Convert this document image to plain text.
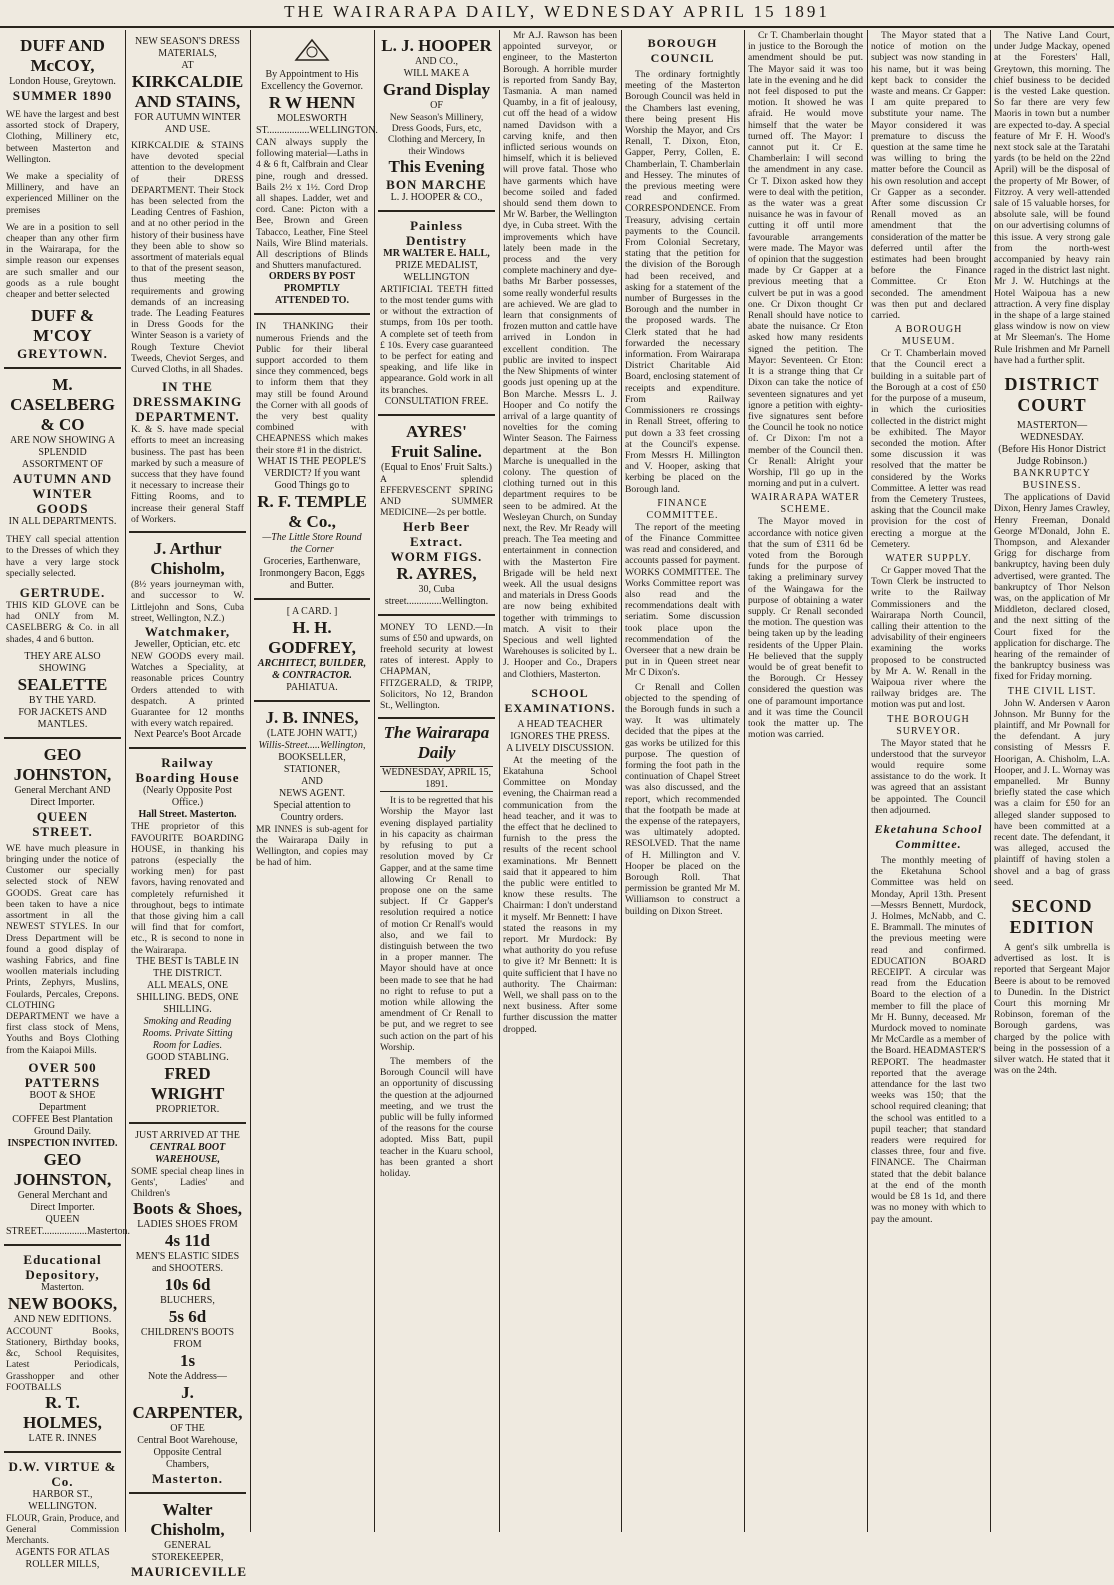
THE WAIRARAPA DAILY, WEDNESDAY APRIL 15 1891
DUFF AND McCOY,
London House, Greytown.
SUMMER 1890
WE have the largest and best assorted stock of Drapery, Clothing, Millinery etc, between Masterton and Wellington.
We make a speciality of Millinery, and have an experienced Milliner on the premises
We are in a position to sell cheaper than any other firm in the Wairarapa, for the simple reason our expenses are such smaller and our goods as a rule bought cheaper and better selected
DUFF & M'COY
GREYTOWN.
M. CASELBERG & CO
ARE NOW SHOWING A SPLENDID ASSORTMENT OF
AUTUMN AND WINTER GOODS
IN ALL DEPARTMENTS.
THEY call special attention to the Dresses of which they have a very large stock specially selected.
GERTRUDE.
THIS KID GLOVE can be had ONLY from M. CASELBERG & Co. in all shades, 4 and 6 button.
THEY ARE ALSO SHOWING
SEALETTE
BY THE YARD.
FOR JACKETS AND MANTLES.
GEO JOHNSTON,
General Merchant AND Direct Importer.
QUEEN STREET.
WE have much pleasure in bringing under the notice of Customer our specially selected stock of NEW GOODS. Great care has been taken to have a nice assortment in all the NEWEST STYLES. In our Dress Department will be found a good display of washing Fabrics, and fine woollen materials including Prints, Zephyrs, Muslins, Foulards, Percales, Crepons. CLOTHING DEPARTMENT we have a first class stock of Mens, Youths and Boys Clothing from the Kaiapoi Mills.
OVER 500 PATTERNS
BOOT & SHOE Department
COFFEE Best Plantation Ground Daily.
INSPECTION INVITED.
GEO JOHNSTON,
General Merchant and Direct Importer.
QUEEN STREET..................Masterton.
Educational Depository,
Masterton.
NEW BOOKS,
AND NEW EDITIONS.
ACCOUNT Books, Stationery, Birthday books, &c, School Requisites, Latest Periodicals, Grasshopper and other FOOTBALLS
R. T. HOLMES,
LATE R. INNES
D.W. VIRTUE & Co.
HARBOR ST., WELLINGTON.
FLOUR, Grain, Produce, and General Commission Merchants.
AGENTS FOR ATLAS ROLLER MILLS,
NEW SEASON'S DRESS MATERIALS,
AT
KIRKCALDIE AND STAINS,
FOR AUTUMN WINTER AND USE.
KIRKCALDIE & STAINS have devoted special attention to the development of their DRESS DEPARTMENT. Their Stock has been selected from the Leading Centres of Fashion, and at no other period in the history of their business have they been able to show so assortment of materials equal to that of the present season, thus meeting the requirements and growing demands of an increasing trade. The Leading Features in Dress Goods for the Winter Season is a variety of Rough Texture Cheviot Tweeds, Cheviot Serges, and Curved Cloths, in all Shades.
IN THE DRESSMAKING DEPARTMENT.
K. & S. have made special efforts to meet an increasing business. The past has been marked by such a measure of success that they have found it necessary to increase their Fitting Rooms, and to increase their general Staff of Workers.
J. Arthur Chisholm,
(8½ years journeyman with, and successor to W. Littlejohn and Sons, Cuba street, Wellington, N.Z.)
Watchmaker,
Jeweller, Optician, etc. etc
NEW GOODS every mail. Watches a Speciality, at reasonable prices Country Orders attended to with despatch. A printed Guarantee for 12 months with every watch repaired.
Next Pearce's Boot Arcade
Railway Boarding House
(Nearly Opposite Post Office.)
Hall Street. Masterton.
THE proprietor of this FAVOURITE BOARDING HOUSE, in thanking his patrons (especially the working men) for past favors, having renovated and completely refurnished it throughout, begs to intimate that those giving him a call will find that for comfort, etc., R is second to none in the Wairarapa.
THE BEST Is TABLE IN THE DISTRICT.
ALL MEALS, ONE SHILLING. BEDS, ONE SHILLING.
Smoking and Reading Rooms. Private Sitting Room for Ladies.
GOOD STABLING.
FRED WRIGHT
PROPRIETOR.
JUST ARRIVED AT THE
CENTRAL BOOT WAREHOUSE,
SOME special cheap lines in Gents', Ladies' and Children's
Boots & Shoes,
LADIES SHOES FROM
4s 11d
MEN'S ELASTIC SIDES and SHOOTERS.
10s 6d
BLUCHERS,
5s 6d
CHILDREN'S BOOTS FROM
1s
Note the Address—
J. CARPENTER,
OF THE
Central Boot Warehouse,
Opposite Central Chambers,
Masterton.
Walter Chisholm,
GENERAL STOREKEEPER,
MAURICEVILLE
By Appointment to His Excellency the Governor.
R W HENN
MOLESWORTH ST.................WELLINGTON.
CAN always supply the following material—Laths in 4 & 6 ft, Calfbrain and Clear pine, rough and dressed. Bails 2½ x 1½. Cord Drop all shapes. Ladder, wet and cord. Cane: Picton with a Bee, Brown and Green Tabacco, Leather, Fine Steel Nails, Wire Blind materials. All descriptions of Blinds and Shutters manufactured.
ORDERS BY POST PROMPTLY ATTENDED TO.
IN THANKING their numerous Friends and the Public for their liberal support accorded to them since they commenced, begs to inform them that they may still be found Around the Corner with all goods of the very best quality combined with CHEAPNESS which makes their store #1 in the district.
WHAT IS THE PEOPLE'S VERDICT? If you want Good Things go to
R. F. TEMPLE & Co.,
—The Little Store Round the Corner
Groceries, Earthenware, Ironmongery Bacon, Eggs and Butter.
[ A CARD. ]
H. H. GODFREY,
ARCHITECT, BUILDER, & CONTRACTOR.
PAHIATUA.
J. B. INNES,
(LATE JOHN WATT,)
Willis-Street.....Wellington,
BOOKSELLER, STATIONER,
AND
NEWS AGENT.
Special attention to Country orders.
MR INNES is sub-agent for the Wairarapa Daily in Wellington, and copies may be had of him.
L. J. HOOPER
AND CO.,
WILL MAKE A
Grand Display
OF
New Season's Millinery, Dress Goods, Furs, etc, Clothing and Mercery, In their Windows
This Evening
BON MARCHE
L. J. HOOPER & CO.,
Painless Dentistry
MR WALTER E. HALL,
PRIZE MEDALIST,
WELLINGTON
ARTIFICIAL TEETH fitted to the most tender gums with or without the extraction of stumps, from 10s per tooth. A complete set of teeth from £ 10s. Every case guaranteed to be perfect for eating and speaking, and life like in appearance. Gold work in all its branches.
CONSULTATION FREE.
AYRES'
Fruit Saline.
(Equal to Enos' Fruit Salts.)
A splendid EFFERVESCENT SPRING AND SUMMER MEDICINE—2s per bottle.
Herb Beer Extract.
WORM FIGS.
R. AYRES,
30, Cuba street..............Wellington.
MONEY TO LEND.—In sums of £50 and upwards, on freehold security at lowest rates of interest. Apply to CHAPMAN, FITZGERALD, & TRIPP, Solicitors, No 12, Brandon St., Wellington.
The Wairarapa Daily
WEDNESDAY, APRIL 15, 1891.

It is to be regretted that his Worship the Mayor last evening displayed partiality in his capacity as chairman by refusing to put a resolution moved by Cr Gapper, and at the same time allowing Cr Renall to propose one on the same subject. If Cr Gapper's resolution required a notice of motion Cr Renall's would also, and we fail to distinguish between the two in a proper manner. The Mayor should have at once been made to see that he had no right to refuse to put a motion while allowing the amendment of Cr Renall to be put, and we regret to see such action on the part of his Worship.

The members of the Borough Council will have an opportunity of discussing the question at the adjourned meeting, and we trust the public will be fully informed of the reasons for the course adopted. Miss Batt, pupil teacher in the Kuaru school, has been granted a short holiday.

Mr A.J. Rawson has been appointed surveyor, or engineer, to the Masterton Borough. A horrible murder is reported from Sandy Bay, Tasmania. A man named Quamby, in a fit of jealousy, cut off the head of a widow named Davidson with a carving knife, and then inflicted serious wounds on himself, which it is believed will prove fatal. Those who have garments which have become soiled and faded should send them down to Mr W. Barber, the Wellington dye, in Cuba street. With the improvements which have lately been made in the process and the very complete machinery and dye-baths Mr Barber possesses, some really wonderful results are achieved. We are glad to learn that consignments of frozen mutton and cattle have arrived in London in excellent condition. The public are invited to inspect the New Shipments of winter goods just opening up at the Bon Marche. Messrs L. J. Hooper and Co notify the arrival of a large quantity of novelties for the coming Winter Season. The Fairness department at the Bon Marche is unequalled in the colony. The question of clothing turned out in this department requires to be seen to be admired. At the Wesleyan Church, on Sunday next, the Rev. Mr Ready will preach. The Tea meeting and entertainment in connection with the Masterton Fire Brigade will be held next week. All the usual designs and materials in Dress Goods are now being exhibited together with trimmings to match. A visit to their Specious and well lighted Warehouses is solicited by L. J. Hooper and Co., Drapers and Clothiers, Masterton.

SCHOOL EXAMINATIONS.
A HEAD TEACHER IGNORES THE PRESS.
A LIVELY DISCUSSION.

At the meeting of the Ekatahuna School Committee on Monday evening, the Chairman read a communication from the head teacher, and it was to the effect that he declined to furnish to the press the results of the recent school examinations. Mr Bennett said that it appeared to him the public were entitled to know these results. The Chairman: I don't understand it myself. Mr Bennett: I have stated the reasons in my report. Mr Murdock: By what authority do you refuse to give it? Mr Bennett: It is quite sufficient that I have no authority. The Chairman: Well, we shall pass on to the next business. After some further discussion the matter dropped.

BOROUGH COUNCIL

The ordinary fortnightly meeting of the Masterton Borough Council was held in the Chambers last evening, there being present His Worship the Mayor, and Crs Renall, T. Dixon, Eton, Gapper, Perry, Collen, E. Chamberlain, T. Chamberlain and Hessey. The minutes of the previous meeting were read and confirmed. CORRESPONDENCE. From Treasury, advising certain payments to the Council. From Colonial Secretary, stating that the petition for the division of the Borough had been received, and asking for a statement of the number of Burgesses in the Borough and the number in the proposed wards. The Clerk stated that he had forwarded the necessary information. From Wairarapa District Charitable Aid Board, enclosing statement of receipts and expenditure. From Railway Commissioners re crossings in Renall Street, offering to put down a 33 feet crossing at the Council's expense. From Messrs H. Millington and V. Hooper, asking that kerbing be placed on the Borough land.

FINANCE COMMITTEE.

The report of the meeting of the Finance Committee was read and considered, and accounts passed for payment. WORKS COMMITTEE. The Works Committee report was also read and the recommendations dealt with seriatim. Some discussion took place upon the recommendation of the Overseer that a new drain be put in in Queen street near Mr C Dixon's.

Cr Renall and Collen objected to the spending of the Borough funds in such a way. It was ultimately decided that the pipes at the gas works be utilized for this purpose. The question of forming the foot path in the continuation of Chapel Street was also discussed, and the report, which recommended that the footpath be made at the expense of the ratepayers, was ultimately adopted. RESOLVED. That the name of H. Millington and V. Hooper be placed on the Borough Roll. That permission be granted Mr M. Williamson to construct a building on Dixon Street.

Cr T. Chamberlain thought in justice to the Borough the amendment should be put. The Mayor said it was too late in the evening and he did not feel disposed to put the motion. It showed he was afraid. He would move himself that the water be turned off. The Mayor: I cannot put it. Cr E. Chamberlain: I will second the amendment in any case. Cr T. Dixon asked how they were to deal with the petition, as the water was a great nuisance he was in favour of cutting it off until more favourable arrangements were made. The Mayor was of opinion that the suggestion made by Cr Gapper at a previous meeting that a culvert be put in was a good one. Cr Dixon thought Cr Renall should have notice to abate the nuisance. Cr Eton asked how many residents signed the petition. The Mayor: Seventeen. Cr Eton: It is a strange thing that Cr Dixon can take the notice of seventeen signatures and yet ignore a petition with eighty-five signatures sent before the Council he took no notice of. Cr Dixon: I'm not a member of the Council then. Cr Renall: Alright your Worship, I'll go up in the morning and put in a culvert.

WAIRARAPA WATER SCHEME.

The Mayor moved in accordance with notice given that the sum of £311 6d be voted from the Borough funds for the purpose of taking a preliminary survey of the Waingawa for the purpose of obtaining a water supply. Cr Renall seconded the motion. The question was being taken up by the leading residents of the Upper Plain. He believed that the supply would be of great benefit to the Borough. Cr Hessey considered the question was one of paramount importance and it was time the Council took the matter up. The motion was carried.

The Mayor stated that a notice of motion on the subject was now standing in his name, but it was being kept back to consider the waste and means. Cr Gapper: I am quite prepared to substitute your name. The Mayor considered it was premature to discuss the question at the same time he was willing to bring the matter before the Council as his own resolution and accept Cr Gapper as a seconder. After some discussion Cr Renall moved as an amendment that the consideration of the matter be deferred until after the estimates had been brought before the Finance Committee. Cr Eton seconded. The amendment was then put and declared carried.

A BOROUGH MUSEUM.

Cr T. Chamberlain moved that the Council erect a building in a suitable part of the Borough at a cost of £50 for the purpose of a museum, in which the curiosities collected in the district might be exhibited. The Mayor seconded the motion. After some discussion it was resolved that the matter be considered by the Works Committee. A letter was read from the Cemetery Trustees, asking that the Council make provision for the cost of erecting a morgue at the Cemetery.

WATER SUPPLY.

Cr Gapper moved That the Town Clerk be instructed to write to the Railway Commissioners and the Wairarapa North Council, calling their attention to the advisability of their engineers examining the works proposed to be constructed by Mr A. W. Renall in the Waipoua river where the railway bridges are. The motion was put and lost.

THE BOROUGH SURVEYOR.

The Mayor stated that he understood that the surveyor would require some assistance to do the work. It was agreed that an assistant be appointed. The Council then adjourned.

Eketahuna School Committee.

The monthly meeting of the Eketahuna School Committee was held on Monday, April 13th. Present—Messrs Bennett, Murdock, J. Holmes, McNabb, and C. E. Brammall. The minutes of the previous meeting were read and confirmed. EDUCATION BOARD RECEIPT. A circular was read from the Education Board to the election of a member to fill the place of Mr H. Bunny, deceased. Mr Murdock moved to nominate Mr McCardle as a member of the Board. HEADMASTER'S REPORT. The headmaster reported that the average attendance for the last two weeks was 150; that the school required cleaning; that the school was entitled to a pupil teacher; that standard readers were required for classes three, four and five. FINANCE. The Chairman stated that the debit balance at the end of the month would be £8 1s 1d, and there was no money with which to pay the amount.

The Native Land Court, under Judge Mackay, opened at the Foresters' Hall, Greytown, this morning. The chief business to be decided is the vested Lake question. So far there are very few Maoris in town but a number are expected to-day. A special feature of Mr F. H. Wood's next stock sale at the Taratahi yards (to be held on the 22nd April) will be the disposal of the property of Mr Bower, of Fitzroy. A very well-attended sale of 15 valuable horses, for absolute sale, will be found on our advertising columns of this issue. A very strong gale from the north-west accompanied by heavy rain raged in the district last night. Mr J. W. Hutchings at the Hotel Waipoua has a new attraction. A very fine display in the shape of a large stained glass window is now on view at Mr Sleeman's. The Home Rule Irishmen and Mr Parnell have had a further split.

DISTRICT COURT
MASTERTON—WEDNESDAY.
(Before His Honor District Judge Robinson.)
BANKRUPTCY BUSINESS.

The applications of David Dixon, Henry James Crawley, Henry Freeman, Donald George M'Donald, John E. Thompson, and Alexander Grigg for discharge from bankruptcy, having been duly advertised, were granted. The bankruptcy of Thor Nelson was, on the application of Mr Middleton, declared closed, and the next sitting of the Court fixed for the application for discharge. The hearing of the remainder of the bankruptcy business was fixed for Friday morning.

THE CIVIL LIST.

John W. Andersen v Aaron Johnson. Mr Bunny for the plaintiff, and Mr Pownall for the defendant. A jury consisting of Messrs F. Hoorigan, A. Chisholm, L.A. Hooper, and J. L. Wornay was empanelled. Mr Bunny briefly stated the case which was a claim for £50 for an alleged slander supposed to have been committed at a recent date. The defendant, it was alleged, accused the plaintiff of having stolen a shovel and a bag of grass seed.

SECOND EDITION

A gent's silk umbrella is advertised as lost. It is reported that Sergeant Major Beere is about to be removed to Dunedin. In the District Court this morning Mr Robinson, foreman of the Borough gardens, was charged by the police with being in the possession of a silver watch. He stated that it was on the 24th.
